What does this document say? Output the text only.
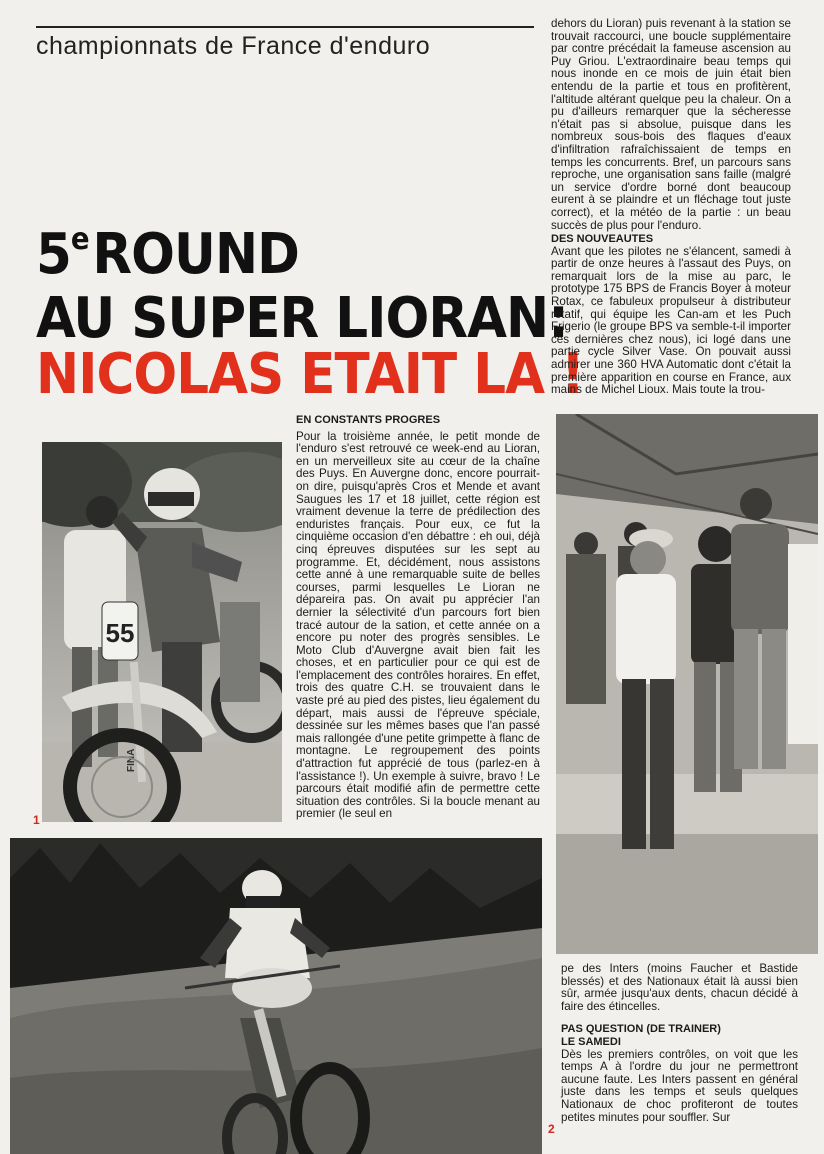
championnats de France d'enduro
5eROUND
AU SUPER LIORAN:
NICOLAS ETAIT LA !

dehors du Lioran) puis revenant à la station se trouvait raccourci, une boucle supplémentaire par contre précédait la fameuse ascension au Puy Griou. L'extraordinaire beau temps qui nous inonde en ce mois de juin était bien entendu de la partie et tous en profitèrent, l'altitude altérant quelque peu la chaleur. On a pu d'ailleurs remarquer que la sécheresse n'était pas si absolue, puisque dans les nombreux sous-bois des flaques d'eaux d'infiltration rafraîchissaient de temps en temps les concurrents. Bref, un parcours sans reproche, une organisation sans faille (malgré un service d'ordre borné dont beaucoup eurent à se plaindre et un fléchage tout juste correct), et la météo de la partie : un beau succès de plus pour l'enduro.

DES NOUVEAUTES

Avant que les pilotes ne s'élancent, samedi à partir de onze heures à l'assaut des Puys, on remarquait lors de la mise au parc, le prototype 175 BPS de Francis Boyer à moteur Rotax, ce fabuleux propulseur à distributeur rotatif, qui équipe les Can-am et les Puch Frigerio (le groupe BPS va semble-t-il importer ces dernières chez nous), ici logé dans une partie cycle Silver Vase. On pouvait aussi admirer une 360 HVA Automatic dont c'était la première apparition en course en France, aux mains de Michel Lioux. Mais toute la trou-

EN CONSTANTS PROGRES

Pour la troisième année, le petit monde de l'enduro s'est retrouvé ce week-end au Lioran, en un merveilleux site au cœur de la chaîne des Puys. En Auvergne donc, encore pourrait-on dire, puisqu'après Cros et Mende et avant Saugues les 17 et 18 juillet, cette région est vraiment devenue la terre de prédilection des enduristes français. Pour eux, ce fut la cinquième occasion d'en débattre : eh oui, déjà cinq épreuves disputées sur les sept au programme. Et, décidément, nous assistons cette anné à une remarquable suite de belles courses, parmi lesquelles Le Lioran ne dépareira pas. On avait pu apprécier l'an dernier la sélectivité d'un parcours fort bien tracé autour de la sation, et cette année on a encore pu noter des progrès sensibles. Le Moto Club d'Auvergne avait bien fait les choses, et en particulier pour ce qui est de l'emplacement des contrôles horaires. En effet, trois des quatre C.H. se trouvaient dans le vaste pré au pied des pistes, lieu également du départ, mais aussi de l'épreuve spéciale, dessinée sur les mêmes bases que l'an passé mais rallongée d'une petite grimpette à flanc de montagne. Le regroupement des points d'attraction fut apprécié de tous (parlez-en à l'assistance !). Un exemple à suivre, bravo ! Le parcours était modifié afin de permettre cette situation des contrôles. Si la boucle menant au premier (le seul en

55
FINA
1

pe des Inters (moins Faucher et Bastide blessés) et des Nationaux était là aussi bien sûr, armée jusqu'aux dents, chacun décidé à faire des étincelles.

PAS QUESTION (DE TRAINER)

LE SAMEDI

Dès les premiers contrôles, on voit que les temps A à l'ordre du jour ne permettront aucune faute. Les Inters passent en général juste dans les temps et seuls quelques Nationaux de choc profiteront de toutes petites minutes pour souffler. Sur

2
